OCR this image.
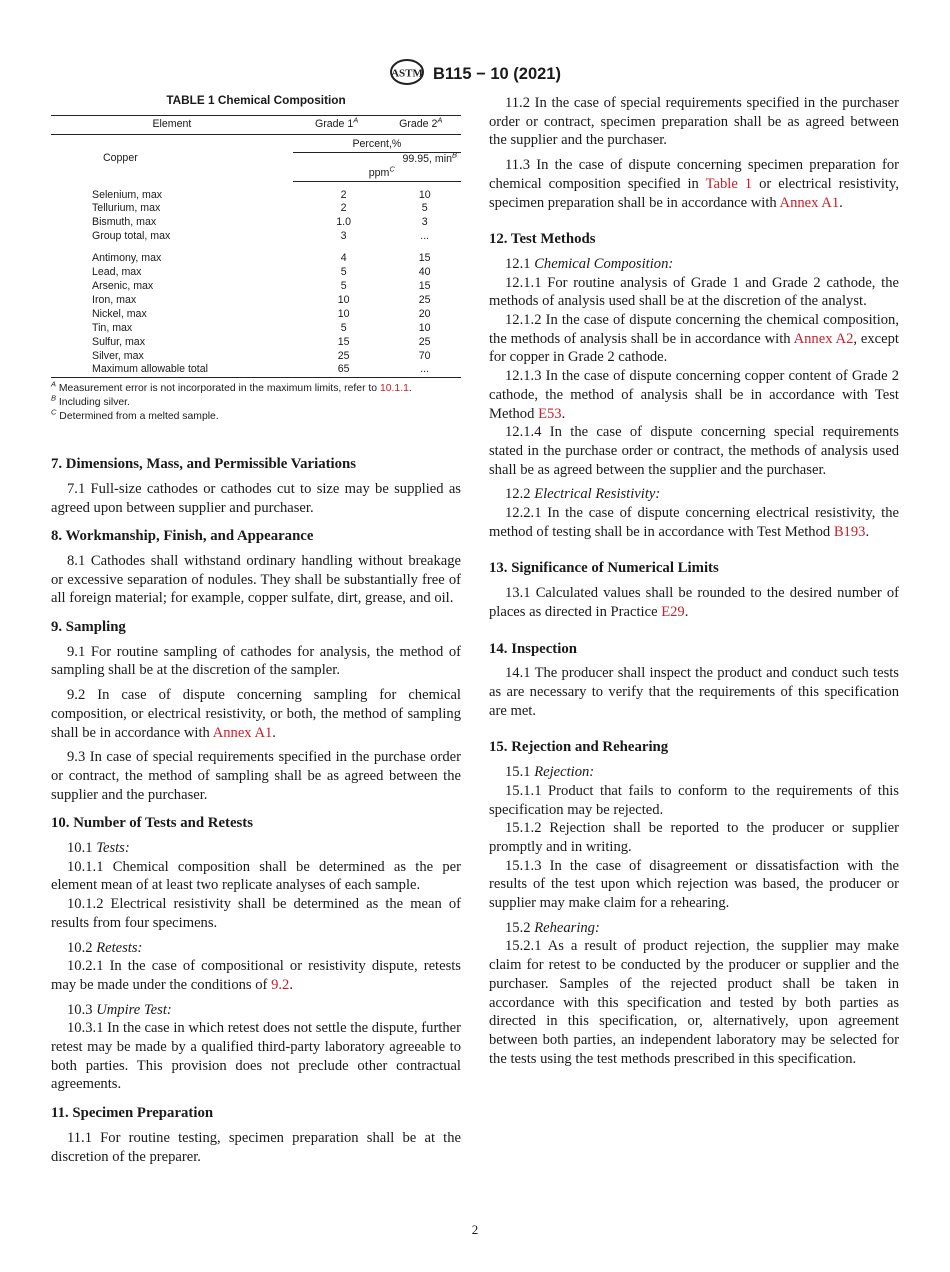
ASTM B115 − 10 (2021)
TABLE 1 Chemical Composition
Element	Grade $1^A$	Grade $2^A$
	Percent,%	
Copper		99.95, $\min^B$
	ppm$^C$

Selenium, max	2	10
Tellurium, max	2	5
Bismuth, max	1.0	3
Group total, max	3	...
Antimony, max	4	15
Lead, max	5	40
Arsenic, max	5	15
Iron, max	10	25
Nickel, max	10	20
Tin, max	5	10
Sulfur, max	15	25
Silver, max	25	70
Maximum allowable total	65	...
$^A$ Measurement error is not incorporated in the maximum limits, refer to 10.1.1.
$^B$ Including silver.
$^C$ Determined from a melted sample.
7. Dimensions, Mass, and Permissible Variations

7.1 Full-size cathodes or cathodes cut to size may be supplied as agreed upon between supplier and purchaser.

8. Workmanship, Finish, and Appearance

8.1 Cathodes shall withstand ordinary handling without breakage or excessive separation of nodules. They shall be substantially free of all foreign material; for example, copper sulfate, dirt, grease, and oil.

9. Sampling

9.1 For routine sampling of cathodes for analysis, the method of sampling shall be at the discretion of the sampler.

9.2 In case of dispute concerning sampling for chemical composition, or electrical resistivity, or both, the method of sampling shall be in accordance with Annex A1.

9.3 In case of special requirements specified in the purchase order or contract, the method of sampling shall be as agreed between the supplier and the purchaser.

10. Number of Tests and Retests

10.1 Tests:

10.1.1 Chemical composition shall be determined as the per element mean of at least two replicate analyses of each sample.

10.1.2 Electrical resistivity shall be determined as the mean of results from four specimens.

10.2 Retests:

10.2.1 In the case of compositional or resistivity dispute, retests may be made under the conditions of 9.2.

10.3 Umpire Test:

10.3.1 In the case in which retest does not settle the dispute, further retest may be made by a qualified third-party laboratory agreeable to both parties. This provision does not preclude other contractual agreements.

11. Specimen Preparation

11.1 For routine testing, specimen preparation shall be at the discretion of the preparer.

11.2 In the case of special requirements specified in the purchaser order or contract, specimen preparation shall be as agreed between the supplier and the purchaser.

11.3 In the case of dispute concerning specimen preparation for chemical composition specified in Table 1 or electrical resistivity, specimen preparation shall be in accordance with Annex A1.

12. Test Methods

12.1 Chemical Composition:

12.1.1 For routine analysis of Grade 1 and Grade 2 cathode, the methods of analysis used shall be at the discretion of the analyst.

12.1.2 In the case of dispute concerning the chemical composition, the methods of analysis shall be in accordance with Annex A2, except for copper in Grade 2 cathode.

12.1.3 In the case of dispute concerning copper content of Grade 2 cathode, the method of analysis shall be in accordance with Test Method E53.

12.1.4 In the case of dispute concerning special requirements stated in the purchase order or contract, the methods of analysis used shall be as agreed between the supplier and the purchaser.

12.2 Electrical Resistivity:

12.2.1 In the case of dispute concerning electrical resistivity, the method of testing shall be in accordance with Test Method B193.

13. Significance of Numerical Limits

13.1 Calculated values shall be rounded to the desired number of places as directed in Practice E29.

14. Inspection

14.1 The producer shall inspect the product and conduct such tests as are necessary to verify that the requirements of this specification are met.

15. Rejection and Rehearing

15.1 Rejection:

15.1.1 Product that fails to conform to the requirements of this specification may be rejected.

15.1.2 Rejection shall be reported to the producer or supplier promptly and in writing.

15.1.3 In the case of disagreement or dissatisfaction with the results of the test upon which rejection was based, the producer or supplier may make claim for a rehearing.

15.2 Rehearing:

15.2.1 As a result of product rejection, the supplier may make claim for retest to be conducted by the producer or supplier and the purchaser. Samples of the rejected product shall be taken in accordance with this specification and tested by both parties as directed in this specification, or, alternatively, upon agreement between both parties, an independent laboratory may be selected for the tests using the test methods prescribed in this specification.

2
